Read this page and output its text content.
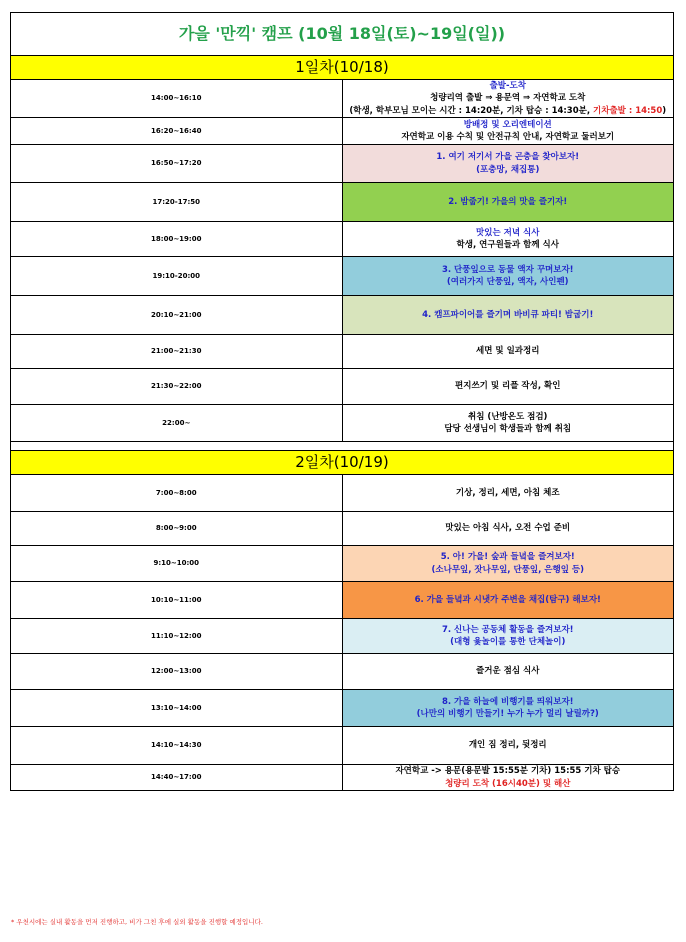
가을 '만끽' 캠프 (10월 18일(토)~19일(일))	
1일차(10/18)	
14:00~16:10	출발-도착
청량리역 출발 ⇒ 용문역 ⇒ 자연학교 도착
(학생, 학부모님 모이는 시간 : 14:20분, 기차 탑승 : 14:30분, 기차출발 : 14:50)

16:20~16:40	방배정 및 오리엔테이션
자연학교 이용 수칙 및 안전규칙 안내, 자연학교 둘러보기

16:50~17:20	1. 여기 저기서 가을 곤충을 찾아보자!
(포충망, 채집통)

17:20-17:50	2. 밤줍기! 가을의 맛을 즐기자!

18:00~19:00	맛있는 저녁 식사
학생, 연구원들과 함께 식사

19:10-20:00	3. 단풍잎으로 동물 액자 꾸며보자!
(여러가지 단풍잎, 액자, 사인펜)

20:10~21:00	4. 캠프파이어를 즐기며 바비큐 파티! 밤굽기!

21:00~21:30	세면 및 일과정리

21:30~22:00	편지쓰기 및 리플 작성, 확인

22:00~	취침 (난방온도 점검)
담당 선생님이 학생들과 함께 취침

2일차(10/19)	
7:00~8:00	기상, 정리, 세면, 아침 체조

8:00~9:00	맛있는 아침 식사, 오전 수업 준비

9:10~10:00	5. 아! 가을! 숲과 들녘을 즐겨보자!
(소나무잎, 잣나무잎, 단풍잎, 은행잎 등)

10:10~11:00	6. 가을 들녘과 시냇가 주변을 채집(탐구) 해보자!

11:10~12:00	7. 신나는 공동체 활동을 즐겨보자!
(대형 윷놀이를 통한 단체놀이)

12:00~13:00	즐거운 점심 식사

13:10~14:00	8. 가을 하늘에 비행기를 띄워보자!
(나만의 비행기 만들기! 누가 누가 멀리 날릴까?)

14:10~14:30	개인 짐 정리, 뒷정리

14:40~17:00	자연학교 -> 용문(용문발 15:55분 기차) 15:55 기차 탑승
청량리 도착 (16시40분) 및 해산
* 우천시에는 실내 활동을 먼저 진행하고, 비가 그친 후에 실외 활동을 진행할 예정입니다.
